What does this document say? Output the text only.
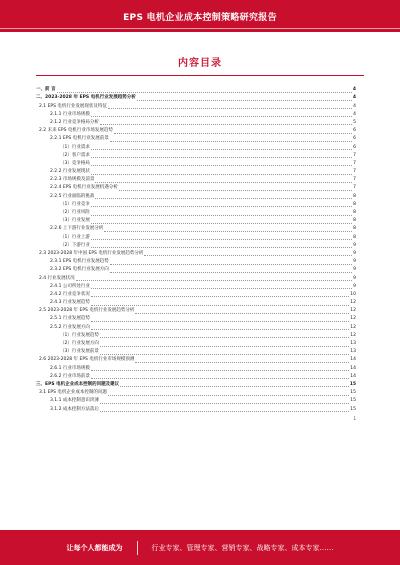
EPS 电机企业成本控制策略研究报告
内容目录
一、前 言	4
二、2023-2028 年 EPS 电机行业发展趋势分析	4
2.1 EPS 电机行业发展现状及特征	4
2.1.1 行业市场规模	4
2.1.2 行业竞争格局分析	5
2.2 未来 EPS 电机行业市场发展趋势	6
2.2.1 EPS 电机行业发展前景	6
（1）行业需求	6
（2）客户需求	7
（3）竞争格局	7
2.2.2 行业发展现状	7
2.2.3 市场规模及前景	7
2.2.4 EPS 电机行业发展机遇分析	7
2.2.5 行业面临的挑战	8
（1）行业竞争	8
（2）行业风险	8
（3）行业发展	8
2.2.6 上下游行业发展分析	8
（1）行业上游	8
（2）下游行业	9
2.3 2023-2028 年中国 EPS 电机行业发展趋势分析	9
2.3.1 EPS 电机行业发展趋势	9
2.3.2 EPS 电机行业发展方向	9
2.4 行业发展状况	9
2.4.1 公司所处行业	9
2.4.2 行业竞争状况	10
2.4.3 行业发展趋势	12
2.5 2023-2028 年 EPS 电机行业发展趋势分析	12
2.5.1 行业发展趋势	12
2.5.2 行业发展方向	12
（1）行业发展趋势	12
（2）行业发展方向	13
（3）行业发展前景	13
2.6 2023-2028 年 EPS 电机行业市场规模预测	14
2.6.1 行业市场规模	14
2.6.2 行业市场前景	14
三、EPS 电机企业成本控制的问题及建议	15
3.1 EPS 电机企业成本控制的问题	15
3.1.1 成本控制意识淡薄	15
3.1.2 成本控制方法落后	15
1
让每个人都能成为	行业专家、管理专家、营销专家、战略专家、成本专家……
